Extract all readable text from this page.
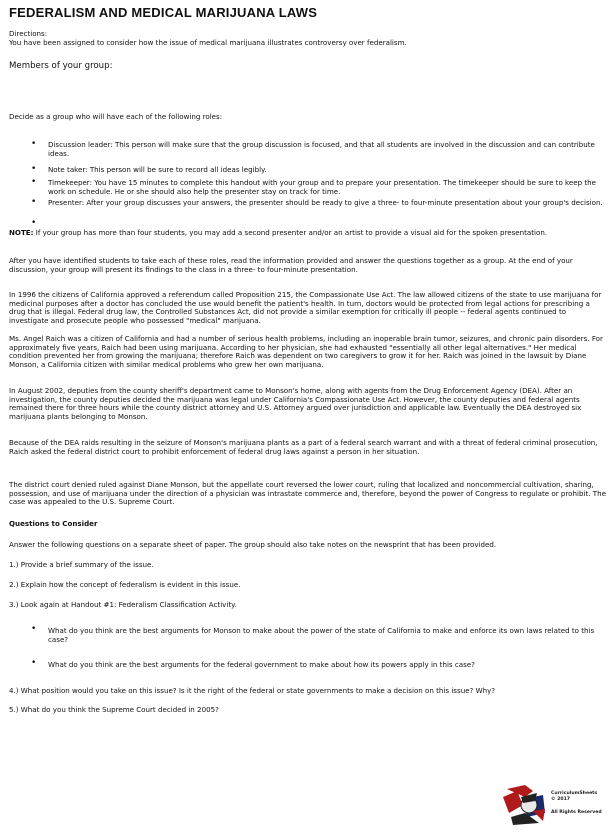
FEDERALISM AND MEDICAL MARIJUANA LAWS

Directions:

You have been assigned to consider how the issue of medical marijuana illustrates controversy over federalism.

Members of your group:

Decide as a group who will have each of the following roles:

• Discussion leader: This person will make sure that the group discussion is focused, and that all students are involved in the discussion and can contribute ideas.
• Note taker: This person will be sure to record all ideas legibly.
• Timekeeper: You have 15 minutes to complete this handout with your group and to prepare your presentation. The timekeeper should be sure to keep the work on schedule. He or she should also help the presenter stay on track for time.
• Presenter: After your group discusses your answers, the presenter should be ready to give a three- to four-minute presentation about your group's decision.
•

NOTE: If your group has more than four students, you may add a second presenter and/or an artist to provide a visual aid for the spoken presentation.

After you have identified students to take each of these roles, read the information provided and answer the questions together as a group. At the end of your discussion, your group will present its findings to the class in a three- to four-minute presentation.

In 1996 the citizens of California approved a referendum called Proposition 215, the Compassionate Use Act. The law allowed citizens of the state to use marijuana for medicinal purposes after a doctor has concluded the use would benefit the patient's health. In turn, doctors would be protected from legal actions for prescribing a drug that is illegal. Federal drug law, the Controlled Substances Act, did not provide a similar exemption for critically ill people -- federal agents continued to investigate and prosecute people who possessed "medical" marijuana.

Ms. Angel Raich was a citizen of California and had a number of serious health problems, including an inoperable brain tumor, seizures, and chronic pain disorders. For approximately five years, Raich had been using marijuana. According to her physician, she had exhausted "essentially all other legal alternatives." Her medical condition prevented her from growing the marijuana; therefore Raich was dependent on two caregivers to grow it for her. Raich was joined in the lawsuit by Diane Monson, a California citizen with similar medical problems who grew her own marijuana.

In August 2002, deputies from the county sheriff's department came to Monson's home, along with agents from the Drug Enforcement Agency (DEA). After an investigation, the county deputies decided the marijuana was legal under California's Compassionate Use Act. However, the county deputies and federal agents remained there for three hours while the county district attorney and U.S. Attorney argued over jurisdiction and applicable law. Eventually the DEA destroyed six marijuana plants belonging to Monson.

Because of the DEA raids resulting in the seizure of Monson's marijuana plants as a part of a federal search warrant and with a threat of federal criminal prosecution, Raich asked the federal district court to prohibit enforcement of federal drug laws against a person in her situation.

The district court denied ruled against Diane Monson, but the appellate court reversed the lower court, ruling that localized and noncommercial cultivation, sharing, possession, and use of marijuana under the direction of a physician was intrastate commerce and, therefore, beyond the power of Congress to regulate or prohibit. The case was appealed to the U.S. Supreme Court.

Questions to Consider

Answer the following questions on a separate sheet of paper. The group should also take notes on the newsprint that has been provided.

1.) Provide a brief summary of the issue.

2.) Explain how the concept of federalism is evident in this issue.

3.) Look again at Handout #1: Federalism Classification Activity.

• What do you think are the best arguments for Monson to make about the power of the state of California to make and enforce its own laws related to this case?
• What do you think are the best arguments for the federal government to make about how its powers apply in this case?

4.) What position would you take on this issue? Is it the right of the federal or state governments to make a decision on this issue? Why?

5.) What do you think the Supreme Court decided in 2005?

CurriculumSheets
© 2017
All Rights Reserved
